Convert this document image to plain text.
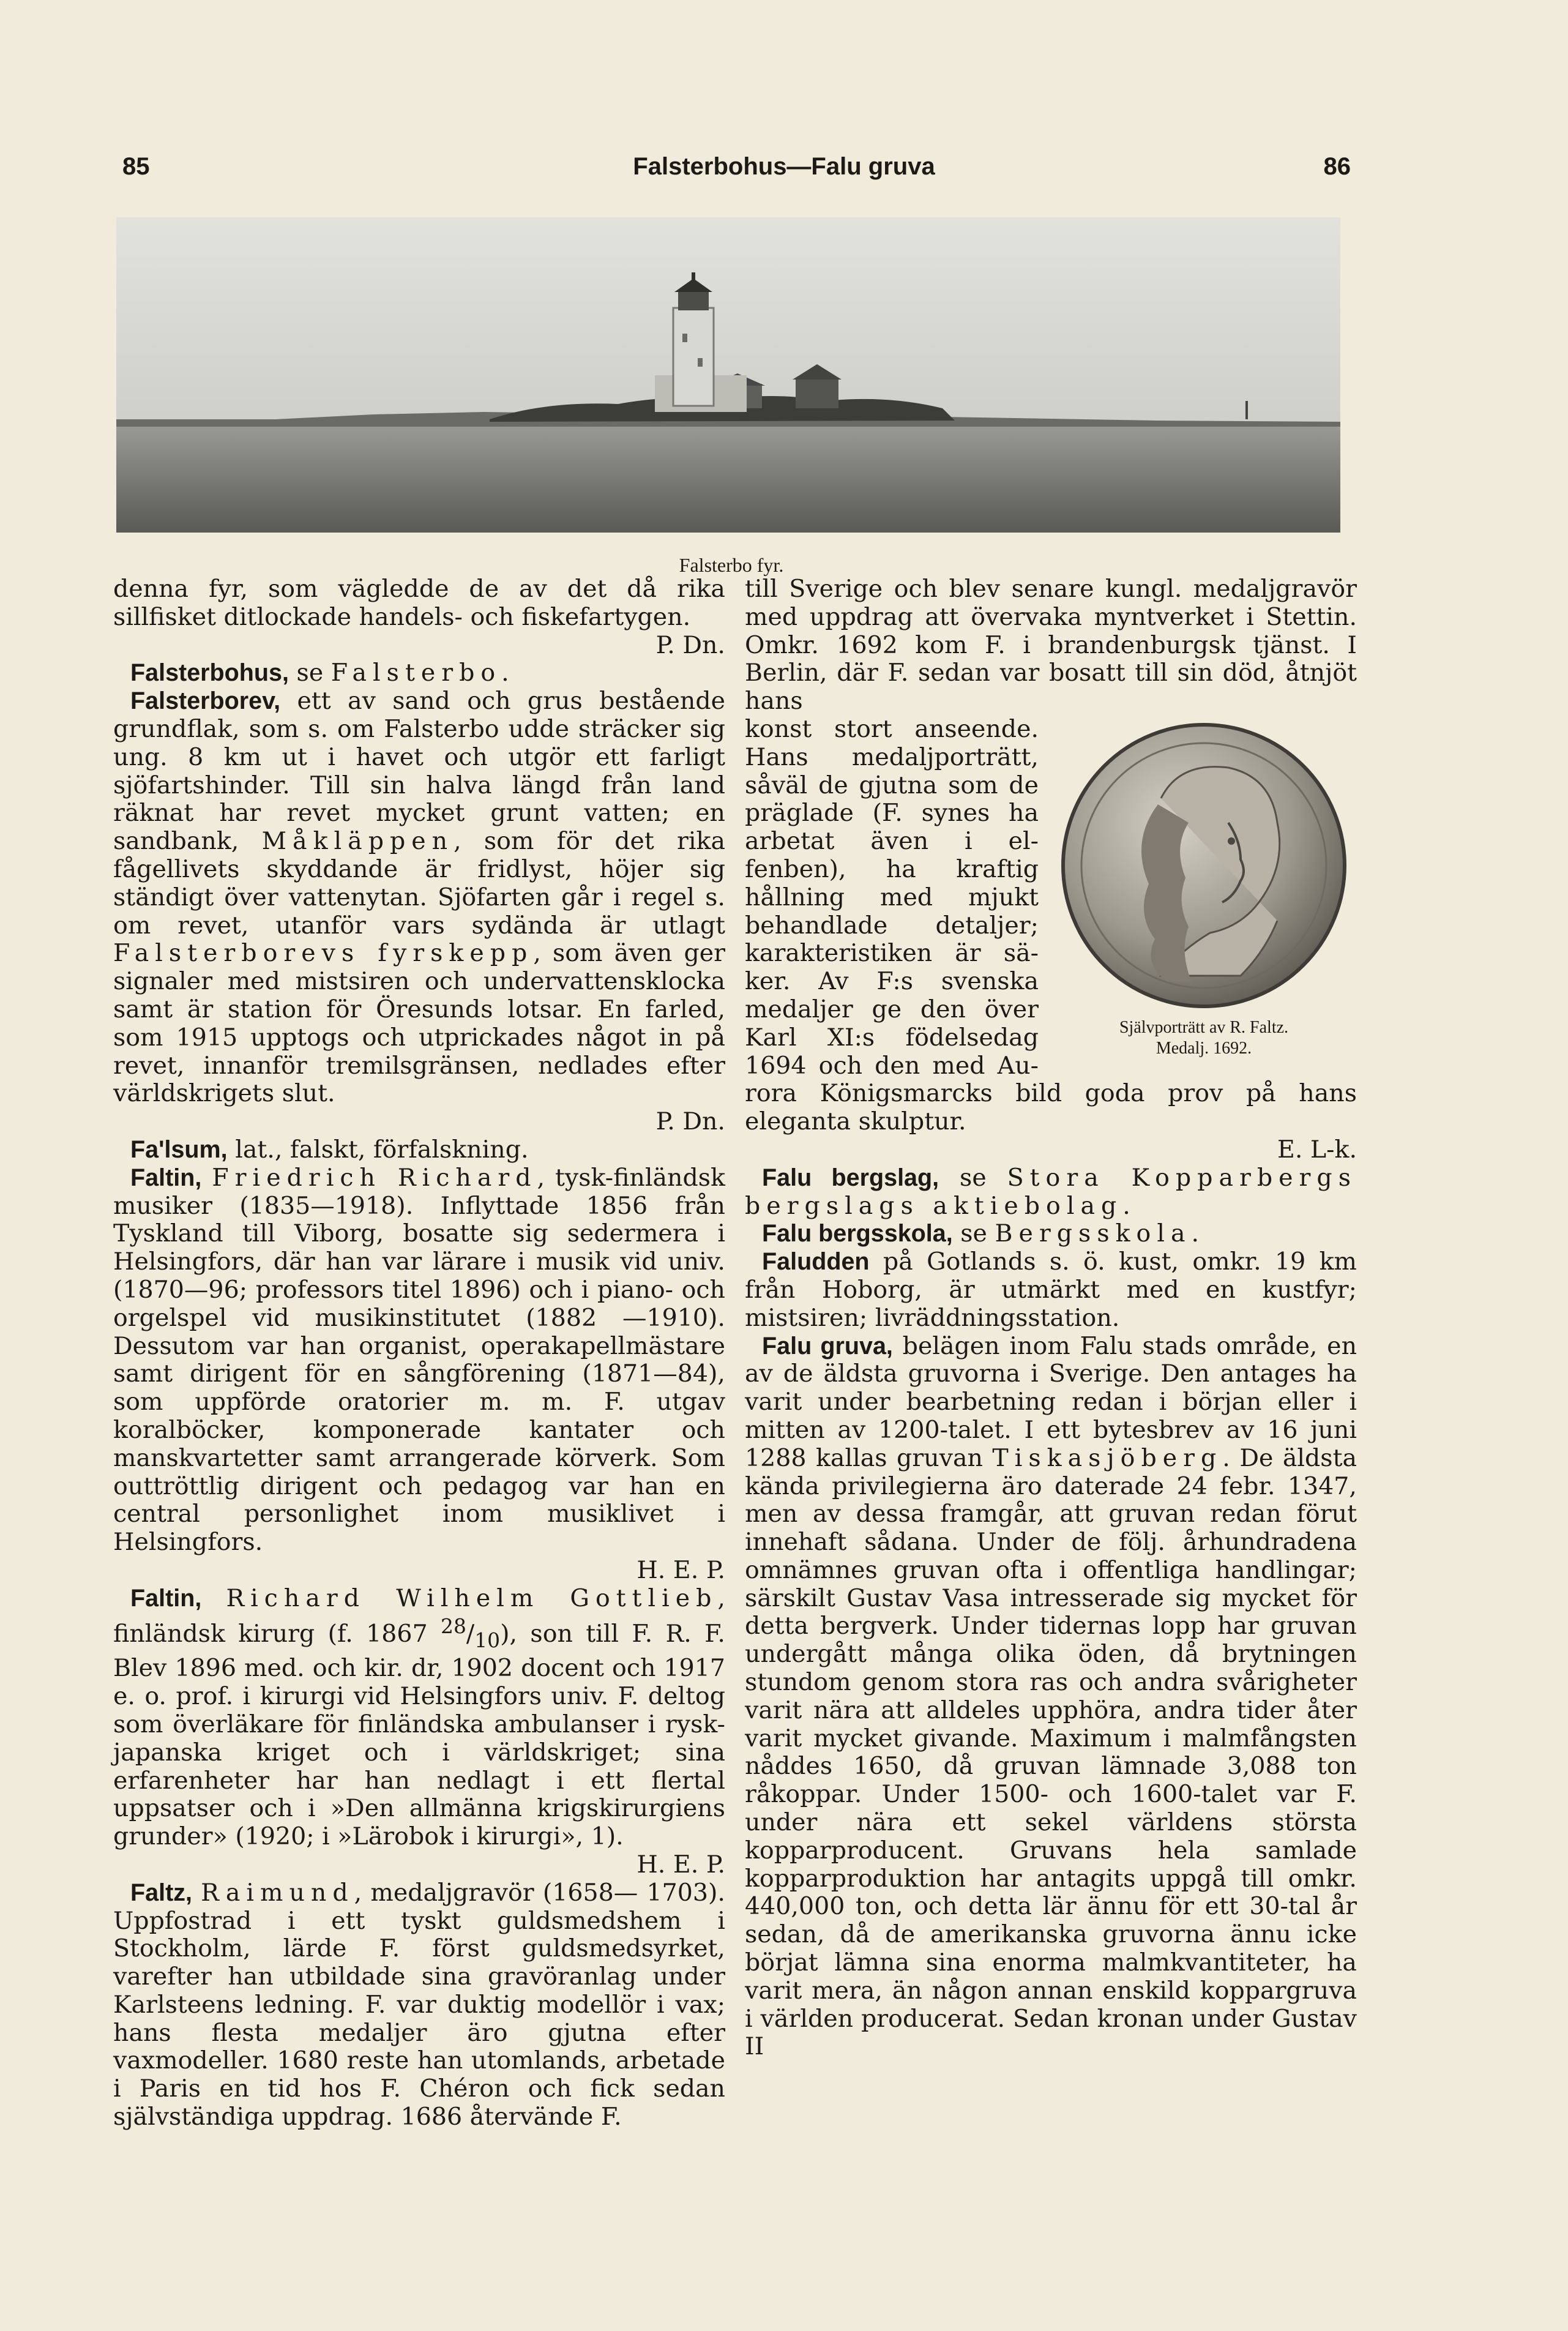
85	Falsterbohus—Falu gruva	86
Falsterbo fyr.

denna fyr, som vägledde de av det då rika sillfisket ditlockade handels- och fiskefartygen.
P. Dn.

Falsterbohus, se Falsterbo.

Falsterborev, ett av sand och grus bestående grundflak, som s. om Falsterbo udde sträcker sig ung. 8 km ut i havet och utgör ett farligt sjöfartshinder. Till sin halva längd från land räknat har revet mycket grunt vatten; en sandbank, Måkläppen, som för det rika fågellivets skyddande är fridlyst, höjer sig ständigt över vattenytan. Sjöfarten går i regel s. om revet, utanför vars sydända är utlagt Falsterborevs fyrskepp, som även ger signaler med mistsiren och undervattensklocka samt är station för Öresunds lotsar. En farled, som 1915 upptogs och utprickades något in på revet, innanför tremilsgränsen, nedlades efter världskrigets slut.
P. Dn.

Fa'lsum, lat., falskt, förfalskning.

Faltin, Friedrich Richard, tysk-finländsk musiker (1835—1918). Inflyttade 1856 från Tyskland till Viborg, bosatte sig sedermera i Helsingfors, där han var lärare i musik vid univ. (1870—96; professors titel 1896) och i piano- och orgelspel vid musikinstitutet (1882 —1910). Dessutom var han organist, operakapellmästare samt dirigent för en sångförening (1871—84), som uppförde oratorier m. m. F. utgav koralböcker, komponerade kantater och manskvartetter samt arrangerade körverk. Som outtröttlig dirigent och pedagog var han en central personlighet inom musiklivet i Helsingfors.
H. E. P.

Faltin, Richard Wilhelm Gottlieb, finländsk kirurg (f. 1867 $^{28}/_{10}$), son till F. R. F. Blev 1896 med. och kir. dr, 1902 docent och 1917 e. o. prof. i kirurgi vid Helsingfors univ. F. deltog som överläkare för finländska ambulanser i rysk-japanska kriget och i världskriget; sina erfarenheter har han nedlagt i ett flertal uppsatser och i »Den allmänna krigskirurgiens grunder» (1920; i »Lärobok i kirurgi», 1).
H. E. P.

Faltz, Raimund, medaljgravör (1658— 1703). Uppfostrad i ett tyskt guldsmedshem i Stockholm, lärde F. först guldsmedsyrket, varefter han utbildade sina gravöranlag under Karlsteens ledning. F. var duktig modellör i vax; hans flesta medaljer äro gjutna efter vaxmodeller. 1680 reste han utomlands, arbetade i Paris en tid hos F. Chéron och fick sedan självständiga uppdrag. 1686 återvände F.

till Sverige och blev senare kungl. medaljgravör med uppdrag att övervaka myntverket i Stettin. Omkr. 1692 kom F. i brandenburgsk tjänst. I Berlin, där F. sedan var bosatt till sin död, åtnjöt hans

Självporträtt av R. Faltz.
Medalj. 1692.

konst stort anseende. Hans medaljporträtt, såväl de gjutna som de präglade (F. synes ha arbetat även i elfenben), ha kraftig hållning med mjukt behandlade detaljer; karakteristiken är säker. Av F:s svenska medaljer ge den över Karl XI:s födelsedag 1694 och den med Aurora Königsmarcks bild goda prov på hans eleganta skulptur.
E. L-k.

Falu bergslag, se Stora Kopparbergs bergslags aktiebolag.

Falu bergsskola, se Bergsskola.

Faludden på Gotlands s. ö. kust, omkr. 19 km från Hoborg, är utmärkt med en kustfyr; mistsiren; livräddningsstation.

Falu gruva, belägen inom Falu stads område, en av de äldsta gruvorna i Sverige. Den antages ha varit under bearbetning redan i början eller i mitten av 1200-talet. I ett bytesbrev av 16 juni 1288 kallas gruvan Tiskasjöberg. De äldsta kända privilegierna äro daterade 24 febr. 1347, men av dessa framgår, att gruvan redan förut innehaft sådana. Under de följ. århundradena omnämnes gruvan ofta i offentliga handlingar; särskilt Gustav Vasa intresserade sig mycket för detta bergverk. Under tidernas lopp har gruvan undergått många olika öden, då brytningen stundom genom stora ras och andra svårigheter varit nära att alldeles upphöra, andra tider åter varit mycket givande. Maximum i malmfångsten nåddes 1650, då gruvan lämnade 3,088 ton råkoppar. Under 1500- och 1600-talet var F. under nära ett sekel världens största kopparproducent. Gruvans hela samlade kopparproduktion har antagits uppgå till omkr. 440,000 ton, och detta lär ännu för ett 30-tal år sedan, då de amerikanska gruvorna ännu icke börjat lämna sina enorma malmkvantiteter, ha varit mera, än någon annan enskild koppargruva i världen producerat. Sedan kronan under Gustav II
